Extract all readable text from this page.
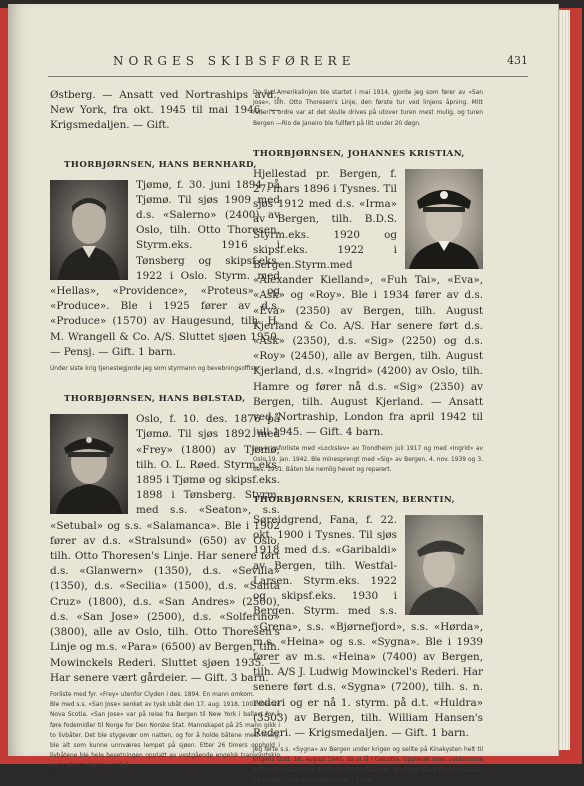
NORGES SKIBSFØRERE	431

Østberg. — Ansatt ved Nortraships avd., New York, fra okt. 1945 til mai 1946. — Krigsmedaljen. — Gift.

THORBJØRNSEN, HANS BERNHARD,

Tjømø, f. 30. juni 1894 på Tjømø. Til sjøs 1909 med d.s. «Salerno» (2400) av Oslo, tilh. Otto Thoresen. Styrm.eks. 1916 i Tønsberg og skipsf.eks. 1922 i Oslo. Styrm. med «Hellas», «Providence», «Proteus» og «Produce». Ble i 1925 fører av d.s. «Produce» (1570) av Haugesund, tilh. H. M. Wrangell & Co. A/S. Sluttet sjøen 1950. — Pensj. — Gift. 1 barn.

Under siste krig tjenestegjorde jeg som styrmann og bevebningsoffiser.

THORBJØRNSEN, HANS BØLSTAD,

Oslo, f. 10. des. 1876 på Tjømø. Til sjøs 1892 med «Frey» (1800) av Tjømø, tilh. O. L. Røed. Styrm.eks. 1895 i Tjømø og skipsf.eks. 1898 i Tønsberg. Styrm. med s.s. «Seaton», s.s. «Setubal» og s.s. «Salamanca». Ble i 1902 fører av d.s. «Stralsund» (650) av Oslo, tilh. Otto Thoresen's Linje. Har senere ført d.s. «Glanwern» (1350), d.s. «Sevilla» (1350), d.s. «Secilia» (1500), d.s. «Santa Cruz» (1800), d.s. «San Andres» (2500), d.s. «San Jose» (2500), d.s. «Solferino» (3800), alle av Oslo, tilh. Otto Thoresen's Linje og m.s. «Para» (6500) av Bergen, tilh. Mowinckels Rederi. Sluttet sjøen 1935. — Har senere vært gårdeier. — Gift. 3 barn.

Forliste med fyr. «Frey» utenfor Clyden i des. 1894. En mann omkom.
Ble med s.s. «San Jose» senket av tysk ubåt den 17. aug. 1918, 100 miles av Nova Scotia. «San Jose» var på reise fra Bergen til New York i ballast for å føre fodemidler til Norge for Den Norske Stat. Mannskapet på 25 mann gikk i to livbåter. Det ble stygevær om natten, og for å holde båtene mest mulig, ble alt som kunne unnværes lempet på sjøen. Etter 26 timers opphold i livbåtene ble hele besetningen opptatt av vestgående engelsk transportskip og landsatt i Boston, U.S.A.

Da Syd-Amerikalinjen ble startet i mai 1914, gjorde jeg som fører av «San Jose», tilh. Otto Thoresen's Linje, den første tur ved linjens åpning. Mitt rederi's ordre var at det skulle drives på utover turen mest mulig, og turen Bergen —Rio de Janeiro ble fullført på litt under 20 døgn.

THORBJØRNSEN, JOHANNES KRISTIAN,

Hjellestad pr. Bergen, f. 27. mars 1896 i Tysnes. Til sjøs 1912 med d.s. «Irma» av Bergen, tilh. B.D.S. Styrm.eks. 1920 og skipsf.eks. 1922 i Bergen.Styrm.med «Alexander Kielland», «Fuh Tai», «Eva», «Ask» og «Roy». Ble i 1934 fører av d.s. «Eva» (2350) av Bergen, tilh. August Kjerland & Co. A/S. Har senere ført d.s. «Ask» (2350), d.s. «Sig» (2250) og d.s. «Roy» (2450), alle av Bergen, tilh. August Kjerland, d.s. «Ingrid» (4200) av Oslo, tilh. Hamre og fører nå d.s. «Sig» (2350) av Bergen, tilh. August Kjerland. — Ansatt ved Nortraship, London fra april 1942 til juli 1945. — Gift. 4 barn.

Jeg krigsforliste med «Lockslev» av Trondheim juli 1917 og med «Ingrid» av Oslo 19. jan. 1942. Ble minesprengt med «Sig» av Bergen, 4. nov. 1939 og 3. des. 1951. Båten ble nemlig hevet og reparert.

THORBJØRNSEN, KRISTEN, BERNTIN,

Søreidgrend, Fana, f. 22. okt. 1900 i Tysnes. Til sjøs 1918 med d.s. «Garibaldi» av Bergen, tilh. Westfal-Larsen. Styrm.eks. 1922 og skipsf.eks. 1930 i Bergen. Styrm. med s.s. «Grena», s.s. «Bjørnefjord», s.s. «Hørda», m.s. «Heina» og s.s. «Sygna». Ble i 1939 fører av m.s. «Heina» (7400) av Bergen, tilh. A/S J. Ludwig Mowinckel's Rederi. Har senere ført d.s. «Sygna» (7200), tilh. s. n. rederi og er nå 1. styrm. på d.t. «Huldra» (3503) av Bergen, tilh. William Hansen's Rederi. — Krigsmedaljen. — Gift. 1 barn.

Jeg førte s.s. «Sygna» av Bergen under krigen og seilte på Kinakysten helt til krigens slutt, 16. august 1945, da vi lå i Calcutta. Opplevet noen voldsomme luftbombardementer da vi lå i dokk i Calcutta. Vi skulle være ferdig i dokken på 3 døgn, men ble liggende der i 3 uker.
